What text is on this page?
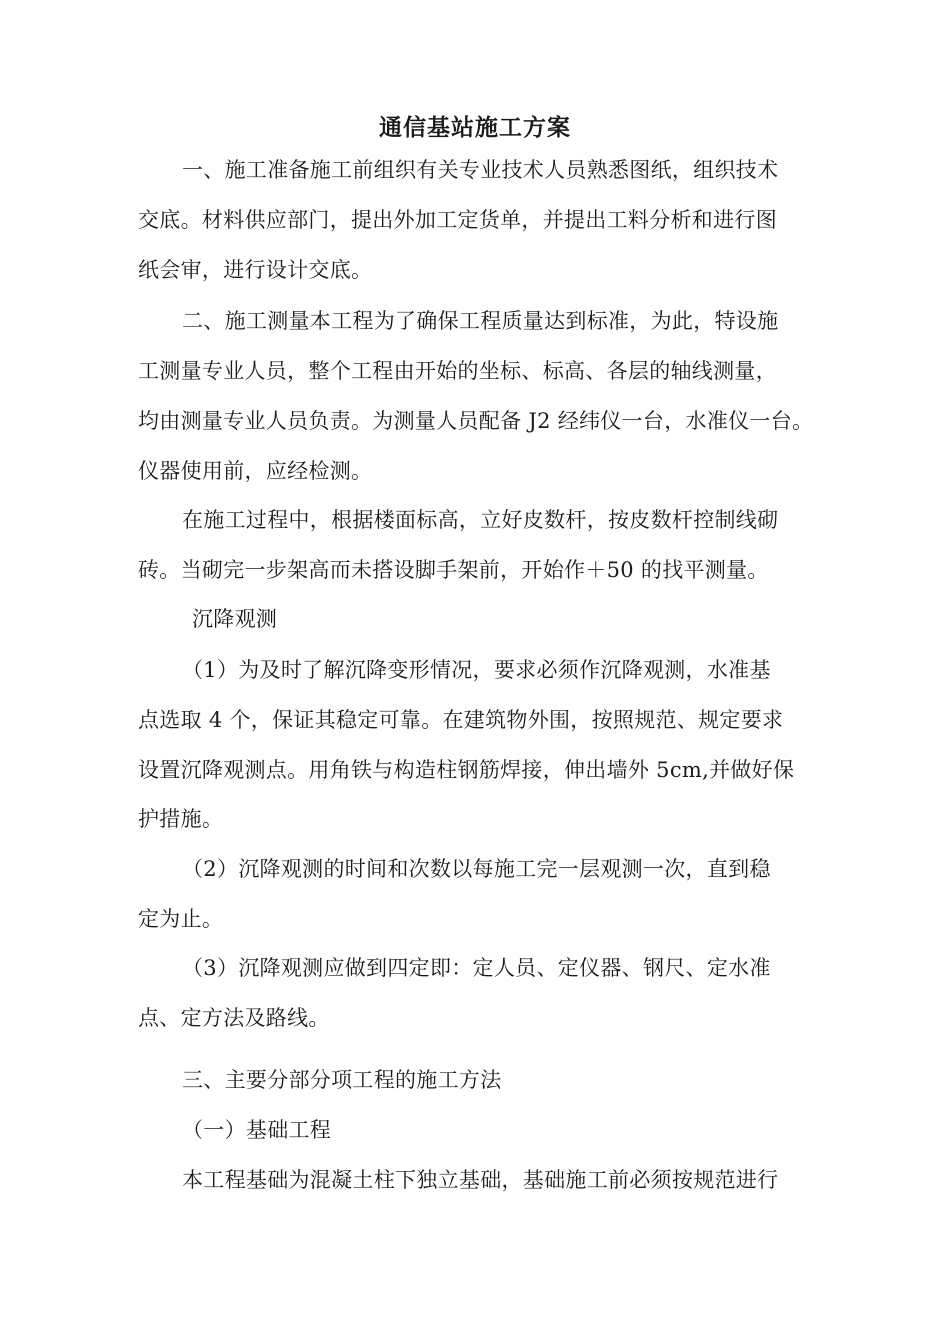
通信基站施工方案
一、施工准备施工前组织有关专业技术人员熟悉图纸，组织技术
交底。材料供应部门，提出外加工定货单，并提出工料分析和进行图
纸会审，进行设计交底。
二、施工测量本工程为了确保工程质量达到标准，为此，特设施
工测量专业人员，整个工程由开始的坐标、标高、各层的轴线测量，
均由测量专业人员负责。为测量人员配备 J2 经纬仪一台，水准仪一台。
仪器使用前，应经检测。
在施工过程中，根据楼面标高，立好皮数杆，按皮数杆控制线砌
砖。当砌完一步架高而未搭设脚手架前，开始作＋50 的找平测量。
沉降观测
（1）为及时了解沉降变形情况，要求必须作沉降观测，水准基
点选取 4 个，保证其稳定可靠。在建筑物外围，按照规范、规定要求
设置沉降观测点。用角铁与构造柱钢筋焊接，伸出墙外 5cm,并做好保
护措施。
（2）沉降观测的时间和次数以每施工完一层观测一次，直到稳
定为止。
（3）沉降观测应做到四定即：定人员、定仪器、钢尺、定水准
点、定方法及路线。
三、主要分部分项工程的施工方法
（一）基础工程
本工程基础为混凝土柱下独立基础，基础施工前必须按规范进行
